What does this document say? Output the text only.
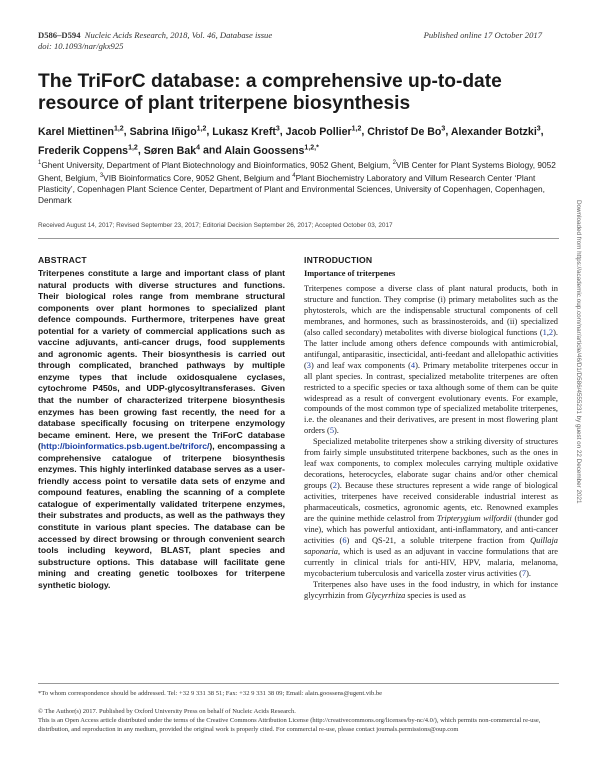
D586–D594 Nucleic Acids Research, 2018, Vol. 46, Database issue
doi: 10.1093/nar/gkx925
Published online 17 October 2017
The TriForC database: a comprehensive up-to-date resource of plant triterpene biosynthesis
Karel Miettinen$^{1,2}$, Sabrina Iñigo$^{1,2}$, Lukasz Kreft$^3$, Jacob Pollier$^{1,2}$, Christof De Bo$^3$, Alexander Botzki$^3$, Frederik Coppens$^{1,2}$, Søren Bak$^4$ and Alain Goossens$^{1,2,*}$
$^1$Ghent University, Department of Plant Biotechnology and Bioinformatics, 9052 Ghent, Belgium, $^2$VIB Center for Plant Systems Biology, 9052 Ghent, Belgium, $^3$VIB Bioinformatics Core, 9052 Ghent, Belgium and $^4$Plant Biochemistry Laboratory and Villum Research Center ‘Plant Plasticity’, Copenhagen Plant Science Center, Department of Plant and Environmental Sciences, University of Copenhagen, Copenhagen, Denmark
Received August 14, 2017; Revised September 23, 2017; Editorial Decision September 26, 2017; Accepted October 03, 2017
ABSTRACT
Triterpenes constitute a large and important class of plant natural products with diverse structures and functions. Their biological roles range from membrane structural components over plant hormones to specialized plant defence compounds. Furthermore, triterpenes have great potential for a variety of commercial applications such as vaccine adjuvants, anti-cancer drugs, food supplements and agronomic agents. Their biosynthesis is carried out through complicated, branched pathways by multiple enzyme types that include oxidosqualene cyclases, cytochrome P450s, and UDP-glycosyltransferases. Given that the number of characterized triterpene biosynthesis enzymes has been growing fast recently, the need for a database specifically focusing on triterpene enzymology became eminent. Here, we present the TriForC database (http://bioinformatics.psb.ugent.be/triforc/), encompassing a comprehensive catalogue of triterpene biosynthesis enzymes. This highly interlinked database serves as a user-friendly access point to versatile data sets of enzyme and compound features, enabling the scanning of a complete catalogue of experimentally validated triterpene enzymes, their substrates and products, as well as the pathways they constitute in various plant species. The database can be accessed by direct browsing or through convenient search tools including keyword, BLAST, plant species and substructure options. This database will facilitate gene mining and creating genetic toolboxes for triterpene synthetic biology.
INTRODUCTION
Importance of triterpenes

Triterpenes compose a diverse class of plant natural products, both in structure and function. They comprise (i) primary metabolites such as the phytosterols, which are the indispensable structural components of cell membranes, and hormones, such as brassinosteroids, and (ii) specialized (also called secondary) metabolites with diverse biological functions (1,2). The latter include among others defence compounds with antimicrobial, antifungal, antiparasitic, insecticidal, anti-feedant and allelopathic activities (3) and leaf wax components (4). Primary metabolite triterpenes occur in all plant species. In contrast, specialized metabolite triterpenes are often restricted to a specific species or taxa although some of them can be quite widespread as a result of convergent evolutionary events. For example, compounds of the most common type of specialized metabolite triterpenes, i.e. the oleananes and their derivatives, are present in most flowering plant orders (5).

Specialized metabolite triterpenes show a striking diversity of structures from fairly simple unsubstituted triterpene backbones, such as the ones in leaf wax components, to complex molecules carrying multiple oxidative decorations, heterocycles, elaborate sugar chains and/or other chemical groups (2). Because these structures represent a wide range of biological activities, triterpenes have received considerable industrial interest as pharmaceuticals, cosmetics, agronomic agents, etc. Renowned examples are the quinine methide celastrol from Tripterygium wilfordii (thunder god vine), which has powerful antioxidant, anti-inflammatory, and anti-cancer activities (6) and QS-21, a soluble triterpene fraction from Quillaja saponaria, which is used as an adjuvant in vaccine formulations that are currently in clinical trials for anti-HIV, HPV, malaria, melanoma, mycobacterium tuberculosis and varicella zoster virus activities (7).

Triterpenes also have uses in the food industry, in which for instance glycyrrhizin from Glycyrrhiza species is used as

Downloaded from https://academic.oup.com/nar/article/46/D1/D586/4555231 by guest on 22 December 2021
*To whom correspondence should be addressed. Tel: +32 9 331 38 51; Fax: +32 9 331 38 09; Email: alain.goossens@ugent.vib.be
© The Author(s) 2017. Published by Oxford University Press on behalf of Nucleic Acids Research.
This is an Open Access article distributed under the terms of the Creative Commons Attribution License (http://creativecommons.org/licenses/by-nc/4.0/), which permits non-commercial re-use, distribution, and reproduction in any medium, provided the original work is properly cited. For commercial re-use, please contact journals.permissions@oup.com
